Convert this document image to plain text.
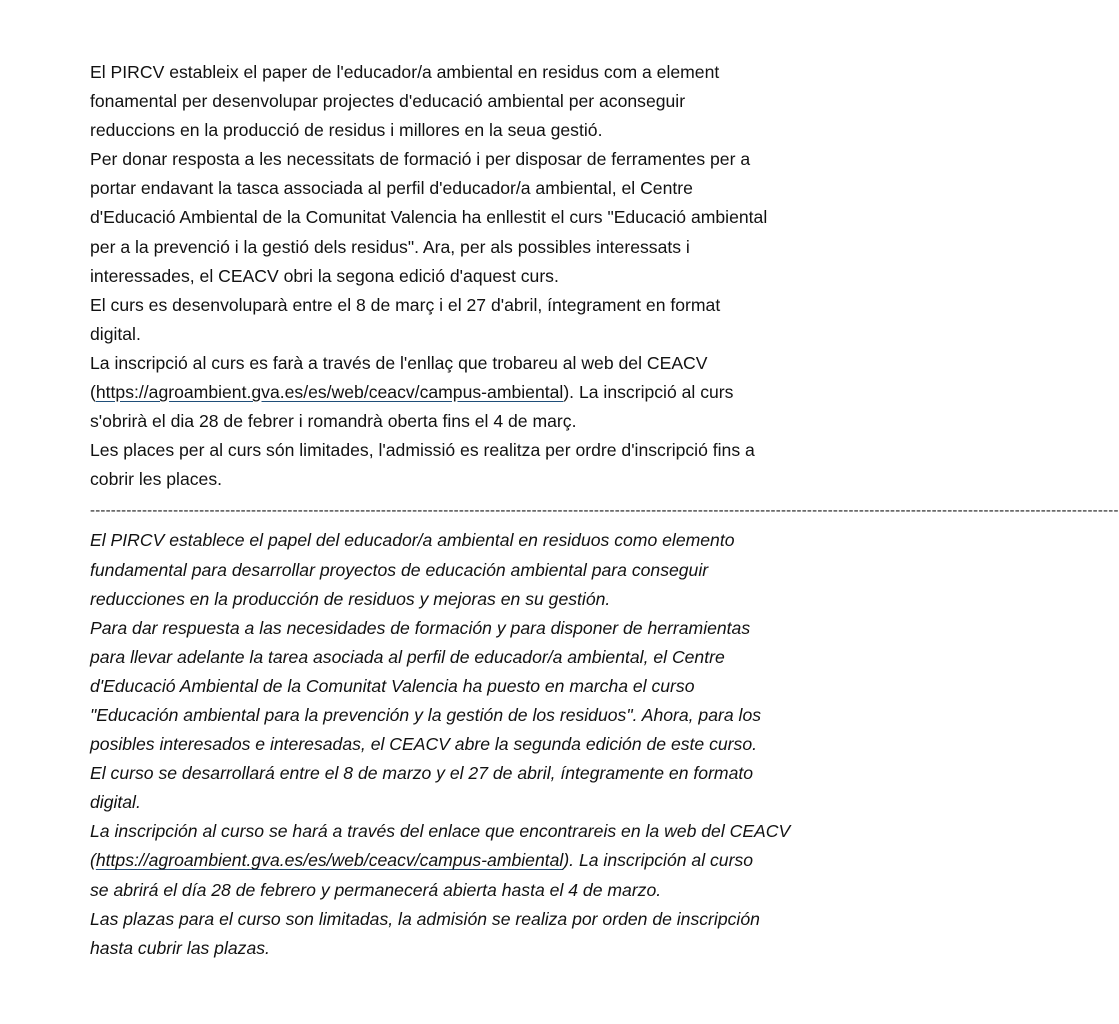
El PIRCV estableix el paper de l'educador/a ambiental en residus com a element
fonamental per desenvolupar projectes d'educació ambiental per aconseguir
reduccions en la producció de residus i millores en la seua gestió.
Per donar resposta a les necessitats de formació i per disposar de ferramentes per a
portar endavant la tasca associada al perfil d'educador/a ambiental, el Centre
d'Educació Ambiental de la Comunitat Valencia ha enllestit el curs "Educació ambiental
per a la prevenció i la gestió dels residus". Ara, per als possibles interessats i
interessades, el CEACV obri la segona edició d'aquest curs.
El curs es desenvoluparà entre el 8 de març i el 27 d'abril, íntegrament en format
digital.
La inscripció al curs es farà a través de l'enllaç que trobareu al web del CEACV
(https://agroambient.gva.es/es/web/ceacv/campus-ambiental). La inscripció al curs
s'obrirà el dia 28 de febrer i romandrà oberta fins el 4 de març.
Les places per al curs són limitades, l'admissió es realitza per ordre d'inscripció fins a
cobrir les places.
------------------------------------------------------------------------------------------------------------------------------------------------------------------------------------------------------
El PIRCV establece el papel del educador/a ambiental en residuos como elemento
fundamental para desarrollar proyectos de educación ambiental para conseguir
reducciones en la producción de residuos y mejoras en su gestión.
Para dar respuesta a las necesidades de formación y para disponer de herramientas
para llevar adelante la tarea asociada al perfil de educador/a ambiental, el Centre
d'Educació Ambiental de la Comunitat Valencia ha puesto en marcha el curso
"Educación ambiental para la prevención y la gestión de los residuos". Ahora, para los
posibles interesados e interesadas, el CEACV abre la segunda edición de este curso.
El curso se desarrollará entre el 8 de marzo y el 27 de abril, íntegramente en formato
digital.
La inscripción al curso se hará a través del enlace que encontrareis en la web del CEACV
(https://agroambient.gva.es/es/web/ceacv/campus-ambiental). La inscripción al curso
se abrirá el día 28 de febrero y permanecerá abierta hasta el 4 de marzo.
Las plazas para el curso son limitadas, la admisión se realiza por orden de inscripción
hasta cubrir las plazas.
